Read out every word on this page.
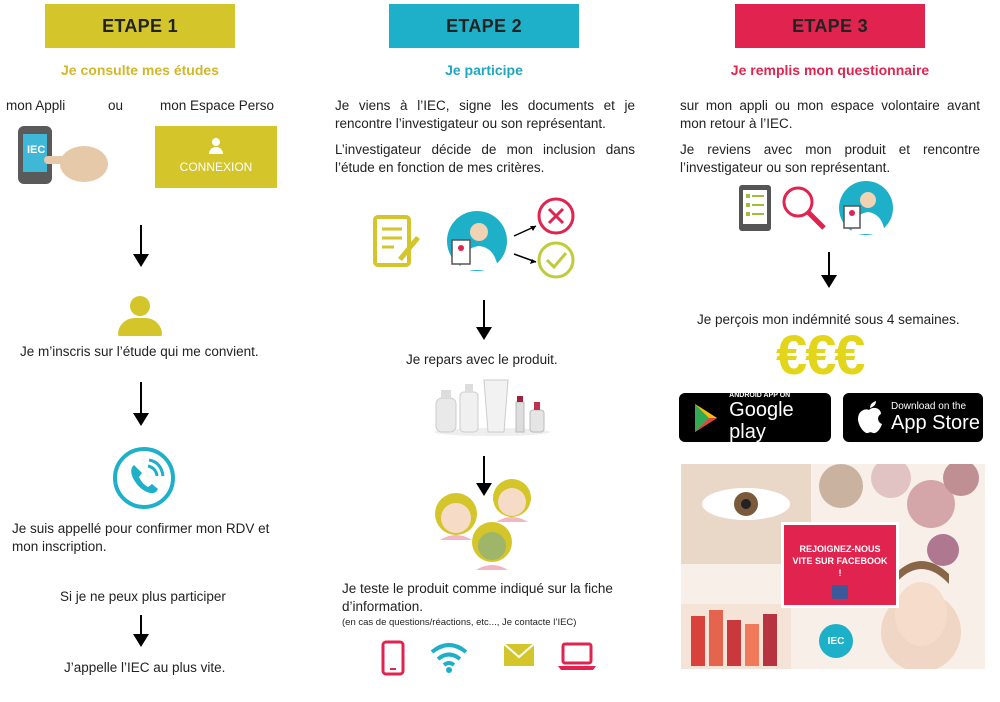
ETAPE 1
Je consulte mes études
mon Appli	ou	mon Espace Perso
IEC
CONNEXION
Je m’inscris sur l’étude qui me convient.
Je suis appellé pour confirmer mon RDV et mon inscription.
Si je ne peux plus participer
J’appelle l’IEC au plus vite.
ETAPE 2
Je participe
Je viens à l’IEC, signe les documents et je rencontre l’investigateur ou son représentant.
L’investigateur décide de mon inclusion dans l’étude en fonction de mes critères.
Je repars avec le produit.
Je teste le produit comme indiqué sur la fiche d’information.
(en cas de questions/réactions, etc..., Je contacte l’IEC)
ETAPE 3
Je remplis mon questionnaire
sur mon appli ou mon espace volontaire avant mon retour à l’IEC.
Je reviens avec mon produit et rencontre l’investigateur ou son représentant.
Je perçois mon indémnité sous 4 semaines.
€€€
ANDROID APP ON
Google play
Download on the
App Store
REJOIGNEZ-NOUS VITE SUR FACEBOOK !
IEC
